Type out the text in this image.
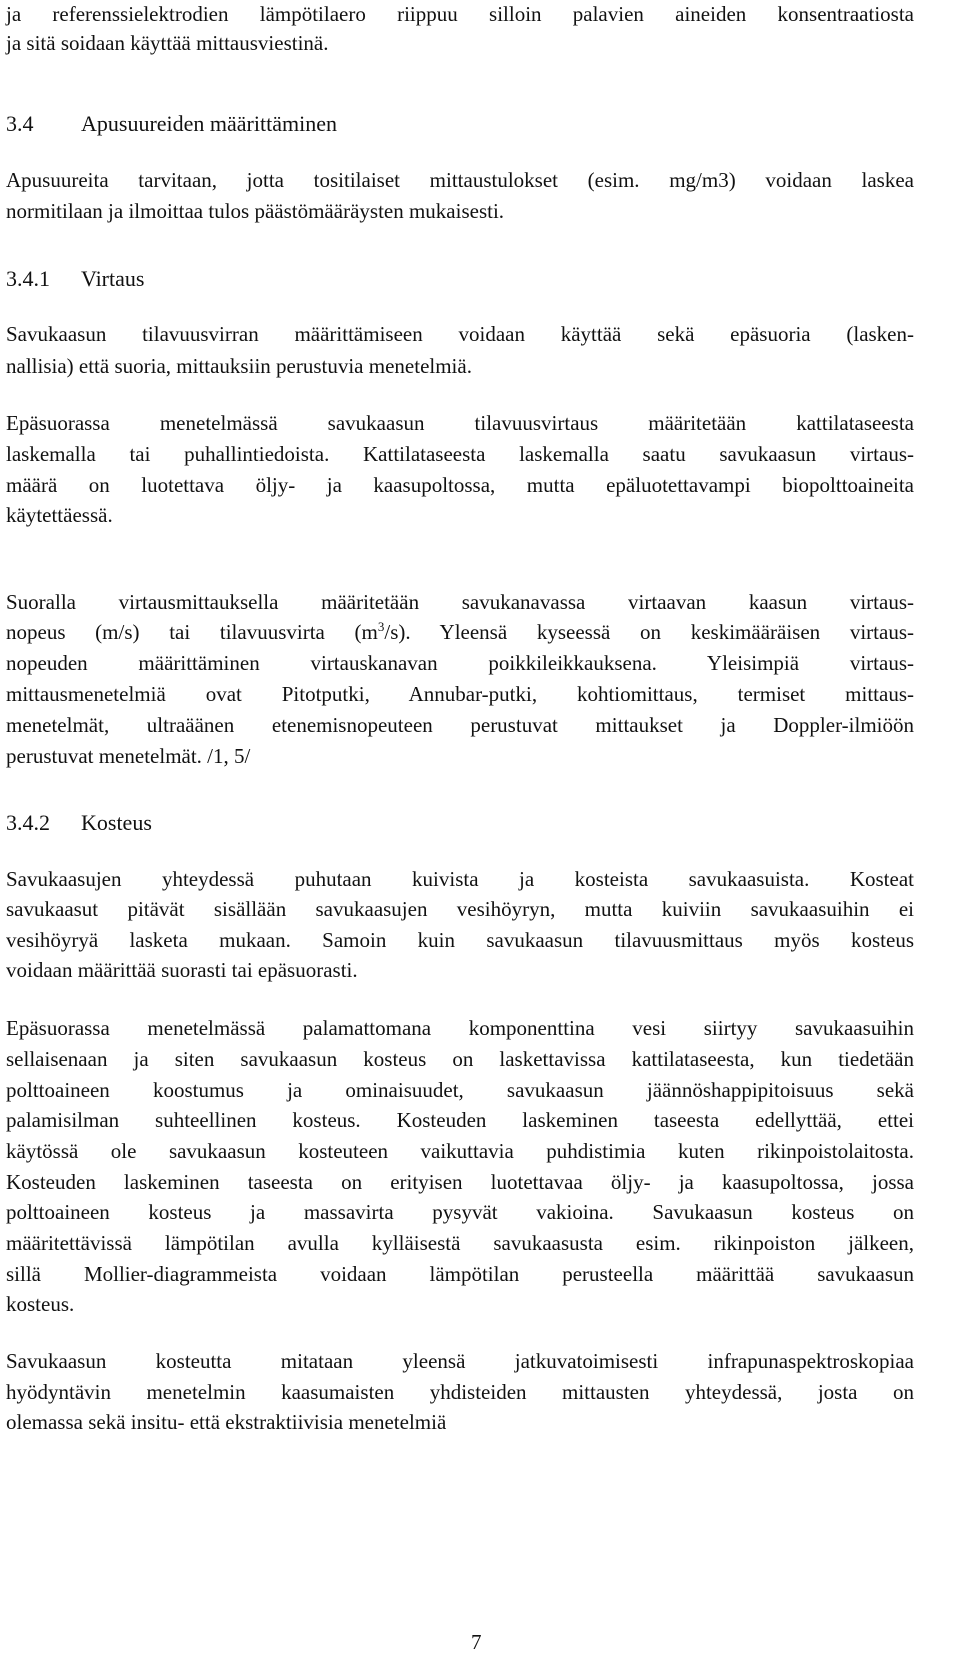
ja referenssielektrodien lämpötilaero riippuu silloin palavien aineiden konsentraatiosta
ja sitä soidaan käyttää mittausviestinä.
3.4 Apusuureiden määrittäminen
Apusuureita tarvitaan, jotta tositilaiset mittaustulokset (esim. mg/m3) voidaan laskea
normitilaan ja ilmoittaa tulos päästömääräysten mukaisesti.
3.4.1 Virtaus
Savukaasun tilavuusvirran määrittämiseen voidaan käyttää sekä epäsuoria (lasken-
nallisia) että suoria, mittauksiin perustuvia menetelmiä.
Epäsuorassa menetelmässä savukaasun tilavuusvirtaus määritetään kattilataseesta
laskemalla tai puhallintiedoista. Kattilataseesta laskemalla saatu savukaasun virtaus-
määrä on luotettava öljy- ja kaasupoltossa, mutta epäluotettavampi biopolttoaineita
käytettäessä.
Suoralla virtausmittauksella määritetään savukanavassa virtaavan kaasun virtaus-
nopeus (m/s) tai tilavuusvirta $(m^3/s)$. Yleensä kyseessä on keskimääräisen virtaus-
nopeuden määrittäminen virtauskanavan poikkileikkauksena. Yleisimpiä virtaus-
mittausmenetelmiä ovat Pitotputki, Annubar-putki, kohtiomittaus, termiset mittaus-
menetelmät, ultraäänen etenemisnopeuteen perustuvat mittaukset ja Doppler-ilmiöön
perustuvat menetelmät. /1, 5/
3.4.2 Kosteus
Savukaasujen yhteydessä puhutaan kuivista ja kosteista savukaasuista. Kosteat
savukaasut pitävät sisällään savukaasujen vesihöyryn, mutta kuiviin savukaasuihin ei
vesihöyryä lasketa mukaan. Samoin kuin savukaasun tilavuusmittaus myös kosteus
voidaan määrittää suorasti tai epäsuorasti.
Epäsuorassa menetelmässä palamattomana komponenttina vesi siirtyy savukaasuihin
sellaisenaan ja siten savukaasun kosteus on laskettavissa kattilataseesta, kun tiedetään
polttoaineen koostumus ja ominaisuudet, savukaasun jäännöshappipitoisuus sekä
palamisilman suhteellinen kosteus. Kosteuden laskeminen taseesta edellyttää, ettei
käytössä ole savukaasun kosteuteen vaikuttavia puhdistimia kuten rikinpoistolaitosta.
Kosteuden laskeminen taseesta on erityisen luotettavaa öljy- ja kaasupoltossa, jossa
polttoaineen kosteus ja massavirta pysyvät vakioina. Savukaasun kosteus on
määritettävissä lämpötilan avulla kylläisestä savukaasusta esim. rikinpoiston jälkeen,
sillä Mollier-diagrammeista voidaan lämpötilan perusteella määrittää savukaasun
kosteus.
Savukaasun kosteutta mitataan yleensä jatkuvatoimisesti infrapunaspektroskopiaa
hyödyntävin menetelmin kaasumaisten yhdisteiden mittausten yhteydessä, josta on
olemassa sekä insitu- että ekstraktiivisia menetelmiä
7
